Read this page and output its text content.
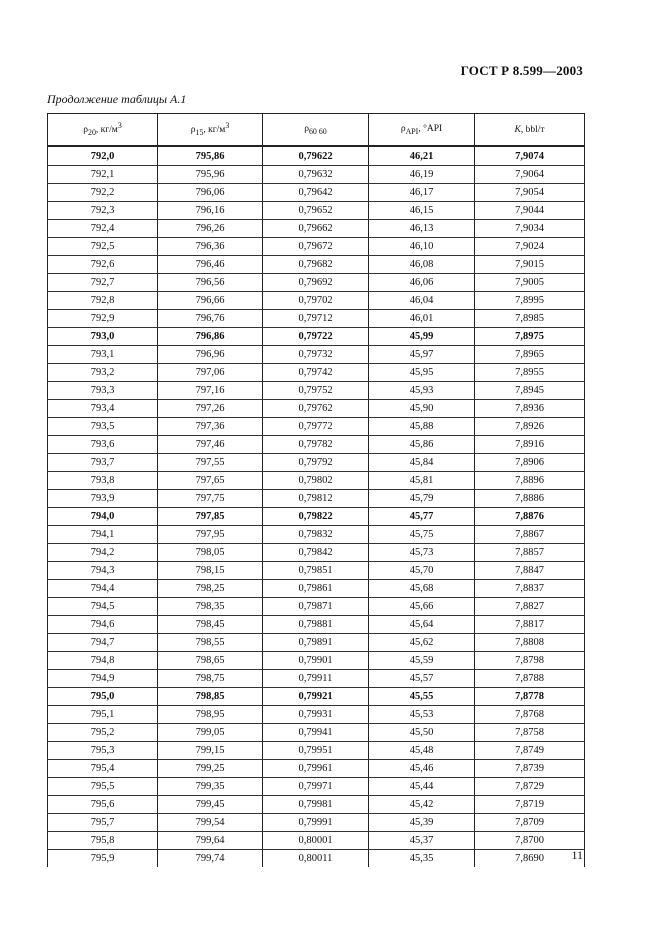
ГОСТ Р 8.599—2003
Продолжение таблицы А.1
$\rho_{20}$, $кг/м^3$	$\rho_{15}$, $кг/м^3$	$\rho_{60 60}$	$\rho_{API}$, °API	K, bbl/т
792,0	795,86	0,79622	46,21	7,9074
792,1	795,96	0,79632	46,19	7,9064
792,2	796,06	0,79642	46,17	7,9054
792,3	796,16	0,79652	46,15	7,9044
792,4	796,26	0,79662	46,13	7,9034
792,5	796,36	0,79672	46,10	7,9024
792,6	796,46	0,79682	46,08	7,9015
792,7	796,56	0,79692	46,06	7,9005
792,8	796,66	0,79702	46,04	7,8995
792,9	796,76	0,79712	46,01	7,8985
793,0	796,86	0,79722	45,99	7,8975
793,1	796,96	0,79732	45,97	7,8965
793,2	797,06	0,79742	45,95	7,8955
793,3	797,16	0,79752	45,93	7,8945
793,4	797,26	0,79762	45,90	7,8936
793,5	797,36	0,79772	45,88	7,8926
793,6	797,46	0,79782	45,86	7,8916
793,7	797,55	0,79792	45,84	7,8906
793,8	797,65	0,79802	45,81	7,8896
793,9	797,75	0,79812	45,79	7,8886
794,0	797,85	0,79822	45,77	7,8876
794,1	797,95	0,79832	45,75	7,8867
794,2	798,05	0,79842	45,73	7,8857
794,3	798,15	0,79851	45,70	7,8847
794,4	798,25	0,79861	45,68	7,8837
794,5	798,35	0,79871	45,66	7,8827
794,6	798,45	0,79881	45,64	7,8817
794,7	798,55	0,79891	45,62	7,8808
794,8	798,65	0,79901	45,59	7,8798
794,9	798,75	0,79911	45,57	7,8788
795,0	798,85	0,79921	45,55	7,8778
795,1	798,95	0,79931	45,53	7,8768
795,2	799,05	0,79941	45,50	7,8758
795,3	799,15	0,79951	45,48	7,8749
795,4	799,25	0,79961	45,46	7,8739
795,5	799,35	0,79971	45,44	7,8729
795,6	799,45	0,79981	45,42	7,8719
795,7	799,54	0,79991	45,39	7,8709
795,8	799,64	0,80001	45,37	7,8700
795,9	799,74	0,80011	45,35	7,8690 11
